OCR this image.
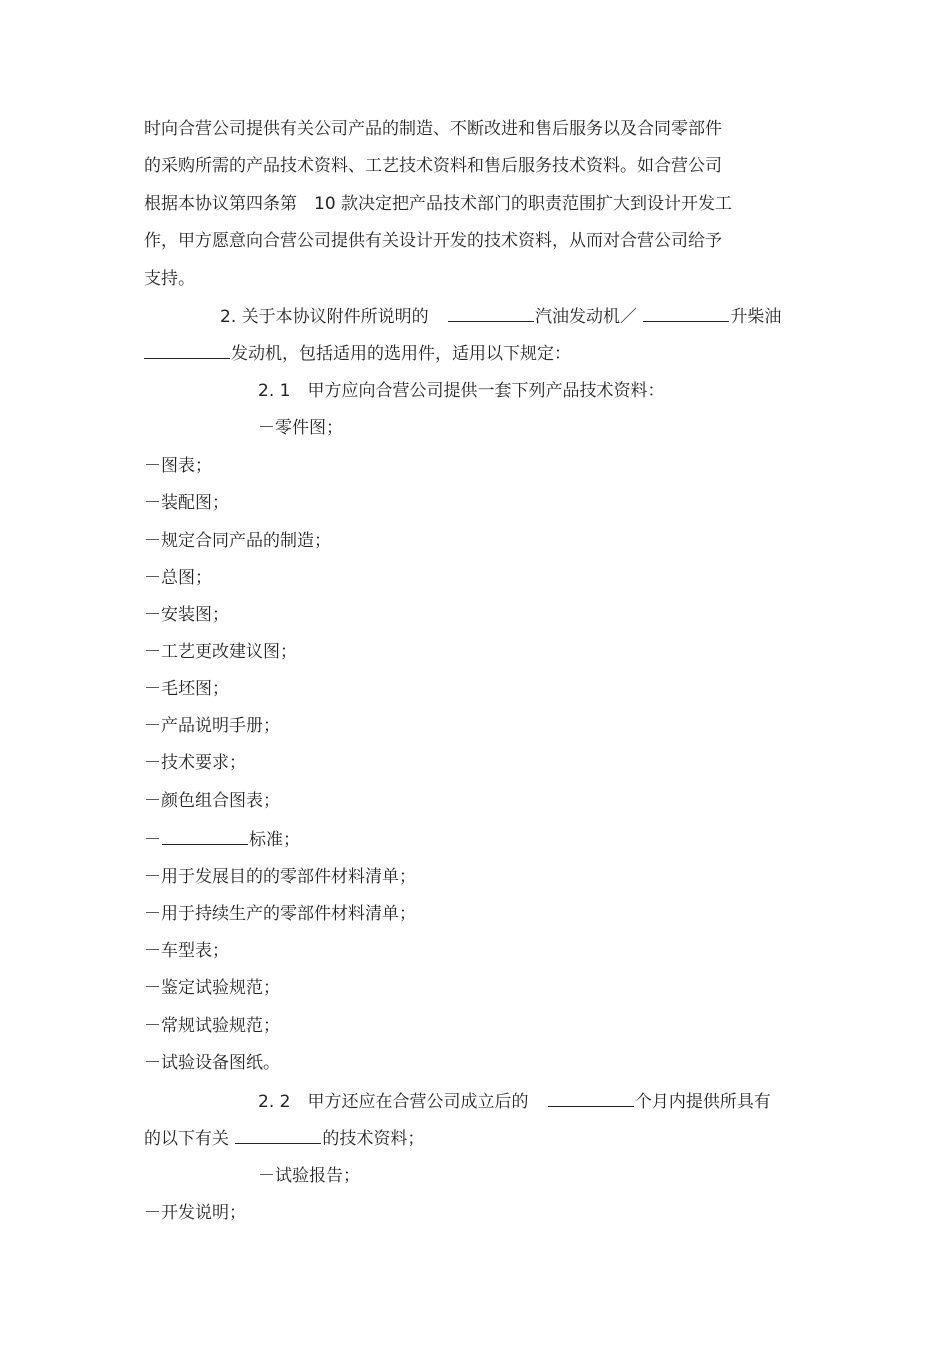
时向合营公司提供有关公司产品的制造、不断改进和售后服务以及合同零部件
的采购所需的产品技术资料、工艺技术资料和售后服务技术资料。如合营公司
根据本协议第四条第　10 款决定把产品技术部门的职责范围扩大到设计开发工
作，甲方愿意向合营公司提供有关设计开发的技术资料，从而对合营公司给予
支持。
2. 关于本协议附件所说明的	汽油发动机／	升柴油
发动机，包括适用的选用件，适用以下规定：
2. 1　甲方应向合营公司提供一套下列产品技术资料：
－零件图；
－图表；
－装配图；
－规定合同产品的制造；
－总图；
－安装图；
－工艺更改建议图；
－毛坯图；
－产品说明手册；
－技术要求；
－颜色组合图表；
－	标准；
－用于发展目的的零部件材料清单；
－用于持续生产的零部件材料清单；
－车型表；
－鉴定试验规范；
－常规试验规范；
－试验设备图纸。
2. 2　甲方还应在合营公司成立后的	个月内提供所具有
的以下有关	的技术资料；
－试验报告；
－开发说明；
